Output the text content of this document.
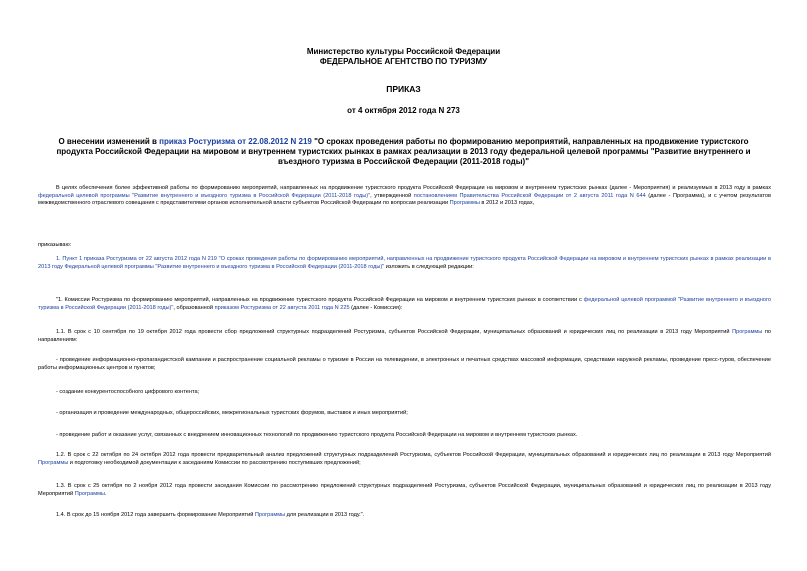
Министерство культуры Российской Федерации
ФЕДЕРАЛЬНОЕ АГЕНТСТВО ПО ТУРИЗМУ
ПРИКАЗ
от 4 октября 2012 года N 273
О внесении изменений в приказ Ростуризма от 22.08.2012 N 219 "О сроках проведения работы по формированию мероприятий, направленных на продвижение туристского продукта Российской Федерации на мировом и внутреннем туристских рынках в рамках реализации в 2013 году федеральной целевой программы "Развитие внутреннего и въездного туризма в Российской Федерации (2011-2018 годы)"

В целях обеспечения более эффективной работы по формированию мероприятий, направленных на продвижение туристского продукта Российской Федерации на мировом и внутреннем туристских рынках (далее - Мероприятия) и реализуемых в 2013 году в рамках федеральной целевой программы "Развитие внутреннего и въездного туризма в Российской Федерации (2011-2018 годы)", утвержденной постановлением Правительства Российской Федерации от 2 августа 2011 года N 644 (далее - Программа), и с учетом результатов межведомственного отраслевого совещания с представителями органов исполнительной власти субъектов Российской Федерации по вопросам реализации Программы в 2012 и 2013 годах,

приказываю:

1. Пункт 1 приказа Ростуризма от 22 августа 2012 года N 219 "О сроках проведения работы по формированию мероприятий, направленных на продвижение туристского продукта Российской Федерации на мировом и внутреннем туристских рынках в рамках реализации в 2013 году Федеральной целевой программы "Развитие внутреннего и въездного туризма в Российской Федерации (2011-2018 годы)" изложить в следующей редакции:

"1. Комиссии Ростуризма по формированию мероприятий, направленных на продвижение туристского продукта Российской Федерации на мировом и внутреннем туристских рынках в соответствии с федеральной целевой программой "Развитие внутреннего и въездного туризма в Российской Федерации (2011-2018 годы)", образованной приказом Ростуризма от 22 августа 2011 года N 225 (далее - Комиссия):

1.1. В срок с 10 сентября по 19 октября 2012 года провести сбор предложений структурных подразделений Ростуризма, субъектов Российской Федерации, муниципальных образований и юридических лиц по реализации в 2013 году Мероприятий Программы по направлениям:

- проведение информационно-пропагандистской кампании и распространение социальной рекламы о туризме в России на телевидении, в электронных и печатных средствах массовой информации, средствами наружной рекламы, проведение пресс-туров, обеспечение работы информационных центров и пунктов;

- создание конкурентоспособного цифрового контента;

- организация и проведение международных, общероссийских, межрегиональных туристских форумов, выставок и иных мероприятий;

- проведение работ и оказание услуг, связанных с внедрением инновационных технологий по продвижению туристского продукта Российской Федерации на мировом и внутреннем туристских рынках.

1.2. В срок с 22 октября по 24 октября 2012 года провести предварительный анализ предложений структурных подразделений Ростуризма, субъектов Российской Федерации, муниципальных образований и юридических лиц по реализации в 2013 году Мероприятий Программы и подготовку необходимой документации к заседаниям Комиссии по рассмотрению поступивших предложений;

1.3. В срок с 25 октября по 2 ноября 2012 года провести заседания Комиссии по рассмотрению предложений структурных подразделений Ростуризма, субъектов Российской Федерации, муниципальных образований и юридических лиц по реализации в 2013 году Мероприятий Программы.

1.4. В срок до 15 ноября 2012 года завершить формирование Мероприятий Программы для реализации в 2013 году.".
